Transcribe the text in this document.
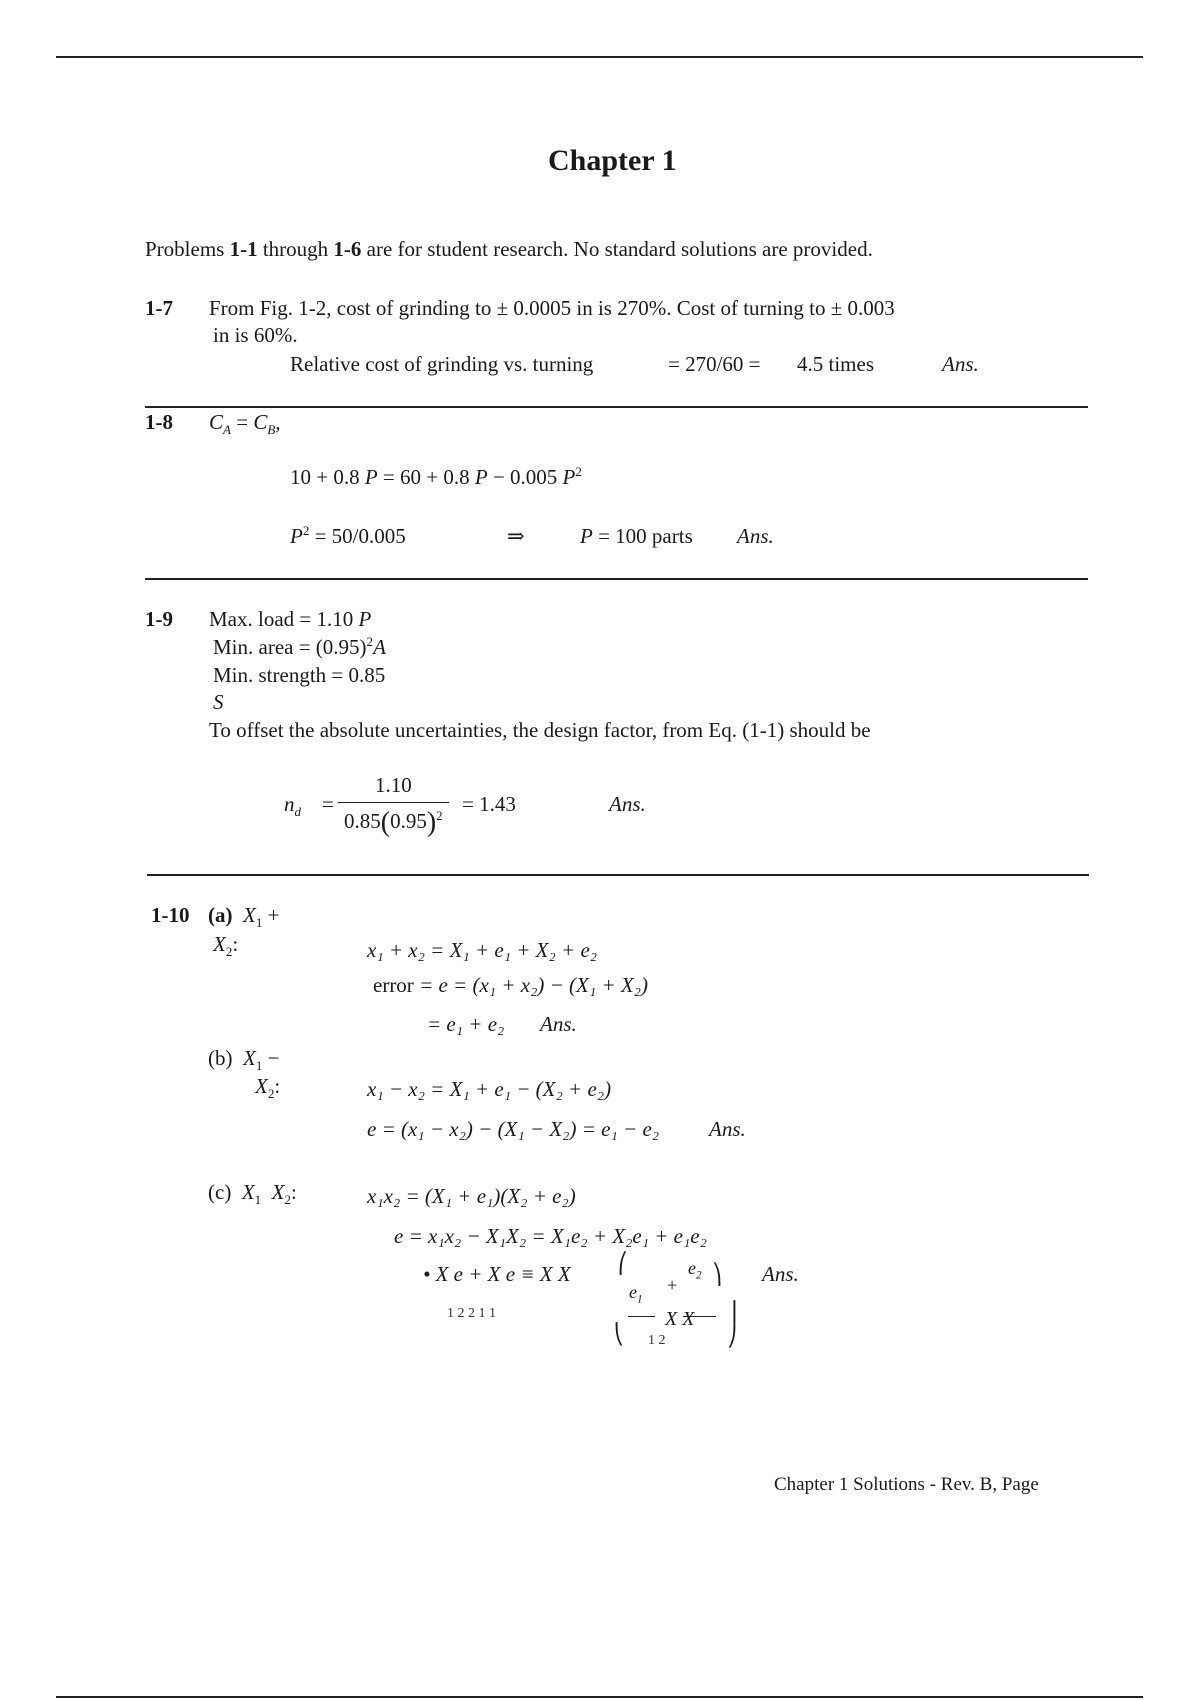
Chapter 1
Problems 1-1 through 1-6 are for student research. No standard solutions are provided.
1-7 From Fig. 1-2, cost of grinding to ± 0.0005 in is 270%. Cost of turning to ± 0.003
in is 60%.
Relative cost of grinding vs. turning	= 270/60 = 4.5 times	Ans.
1-8 $C_A = C_B$,
10 + 0.8 P = 60 + 0.8 P − 0.005 $P^2$
$P^2 = 50/0.005$	⇒	P = 100 parts Ans.
1-9 Max. load = 1.10 P
Min. area = $(0.95)^2A$
Min. strength = 0.85
S
To offset the absolute uncertainties, the design factor, from Eq. (1-1) should be
$n_d = \frac{1.10}{0.85(0.95)^2} = 1.43$	Ans.
1-10 (a) $X_1$ +
$X_2$:	x₁ + x₂ = X₁ + e₁ + X₂ + e₂
error = e = (x₁ + x₂) − (X₁ + X₂)
= e₁ + e₂ Ans.
(b) $X_1$ −
$X_2$:	x₁ − x₂ = X₁ + e₁ − (X₂ + e₂)
e = (x₁ − x₂) − (X₁ − X₂) = e₁ − e₂ Ans.
(c) $X_1$ $X_2$:	x₁x₂ = (X₁ + e₁)(X₂ + e₂)
e = x₁x₂ − X₁X₂ = X₁e₂ + X₂e₁ + e₁e₂
• X e + X e ≡ X X
1 2 2 1 1
⎛
⎝
$e_2$
+
$e_1$
⎞
⎟
⎠
X X
1 2
Ans.
Chapter 1 Solutions - Rev. B, Page
